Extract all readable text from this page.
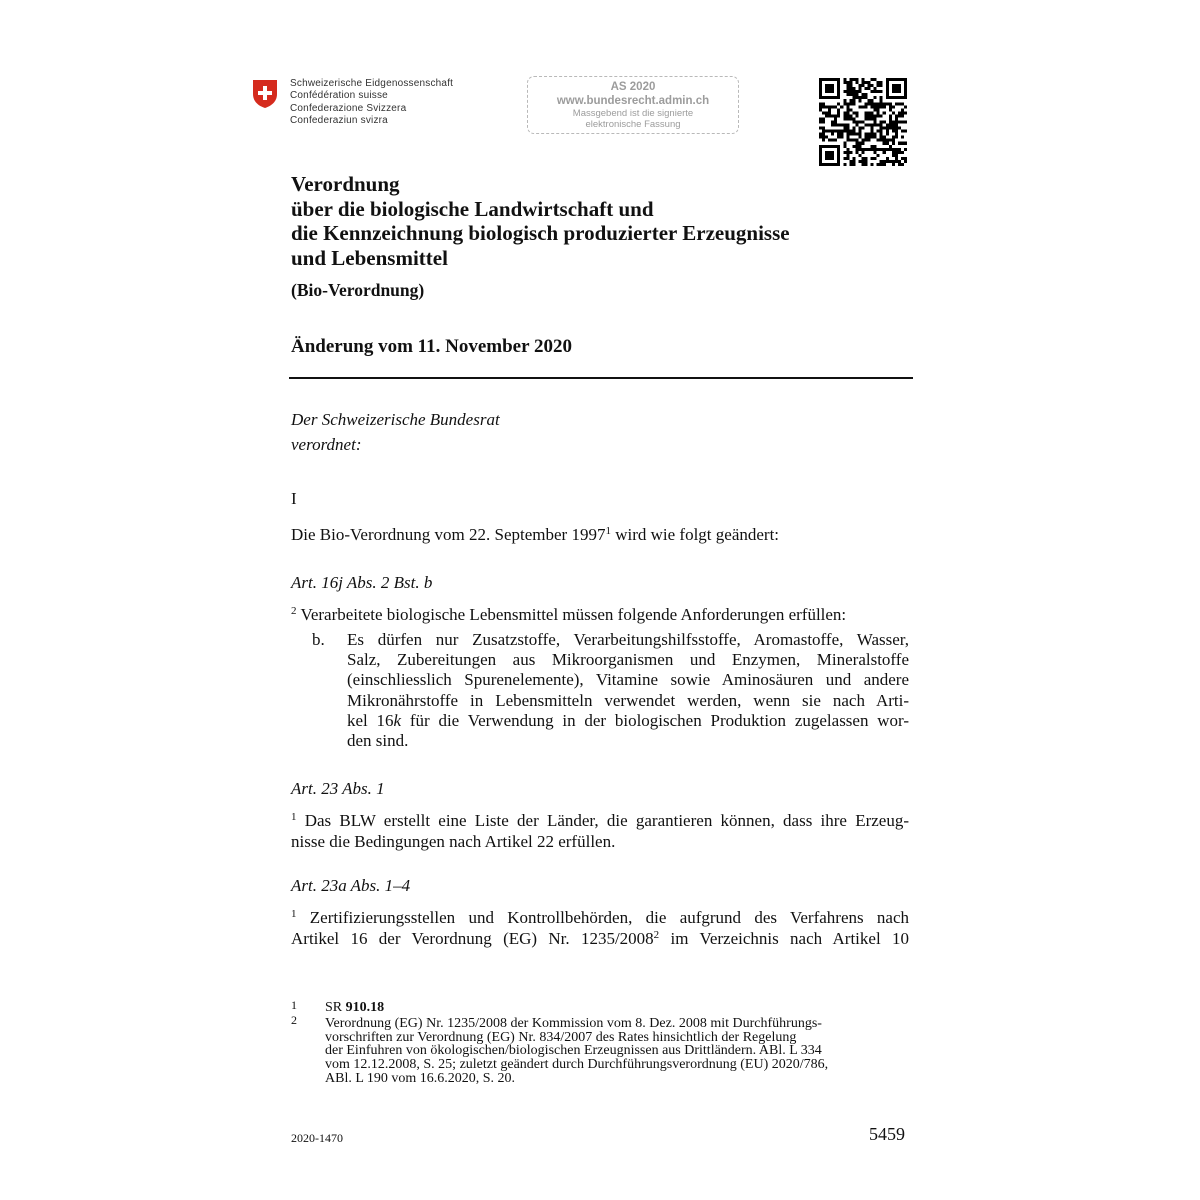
Schweizerische Eidgenossenschaft
Confédération suisse
Confederazione Svizzera
Confederaziun svizra
AS 2020
www.bundesrecht.admin.ch
Massgebend ist die signierte
elektronische Fassung
Verordnung
über die biologische Landwirtschaft und
die Kennzeichnung biologisch produzierter Erzeugnisse
und Lebensmittel
(Bio-Verordnung)
Änderung vom 11. November 2020
Der Schweizerische Bundesrat
verordnet:
I
Die Bio-Verordnung vom 22. September 1997$^1$ wird wie folgt geändert:
Art. 16j Abs. 2 Bst. b
$^2$ Verarbeitete biologische Lebensmittel müssen folgende Anforderungen erfüllen:
b. Es dürfen nur Zusatzstoffe, Verarbeitungshilfsstoffe, Aromastoffe, Wasser,
Salz, Zubereitungen aus Mikroorganismen und Enzymen, Mineralstoffe
(einschliesslich Spurenelemente), Vitamine sowie Aminosäuren und andere
Mikronährstoffe in Lebensmitteln verwendet werden, wenn sie nach Arti-
kel 16k für die Verwendung in der biologischen Produktion zugelassen wor-
den sind.
Art. 23 Abs. 1
$^1$ Das BLW erstellt eine Liste der Länder, die garantieren können, dass ihre Erzeug-
nisse die Bedingungen nach Artikel 22 erfüllen.
Art. 23a Abs. 1–4
$^1$ Zertifizierungsstellen und Kontrollbehörden, die aufgrund des Verfahrens nach
Artikel 16 der Verordnung (EG) Nr. 1235/2008$^2$ im Verzeichnis nach Artikel 10
1 SR 910.18
2 Verordnung (EG) Nr. 1235/2008 der Kommission vom 8. Dez. 2008 mit Durchführungs-
vorschriften zur Verordnung (EG) Nr. 834/2007 des Rates hinsichtlich der Regelung
der Einfuhren von ökologischen/biologischen Erzeugnissen aus Drittländern. ABl. L 334
vom 12.12.2008, S. 25; zuletzt geändert durch Durchführungsverordnung (EU) 2020/786,
ABl. L 190 vom 16.6.2020, S. 20.
2020-1470	5459
